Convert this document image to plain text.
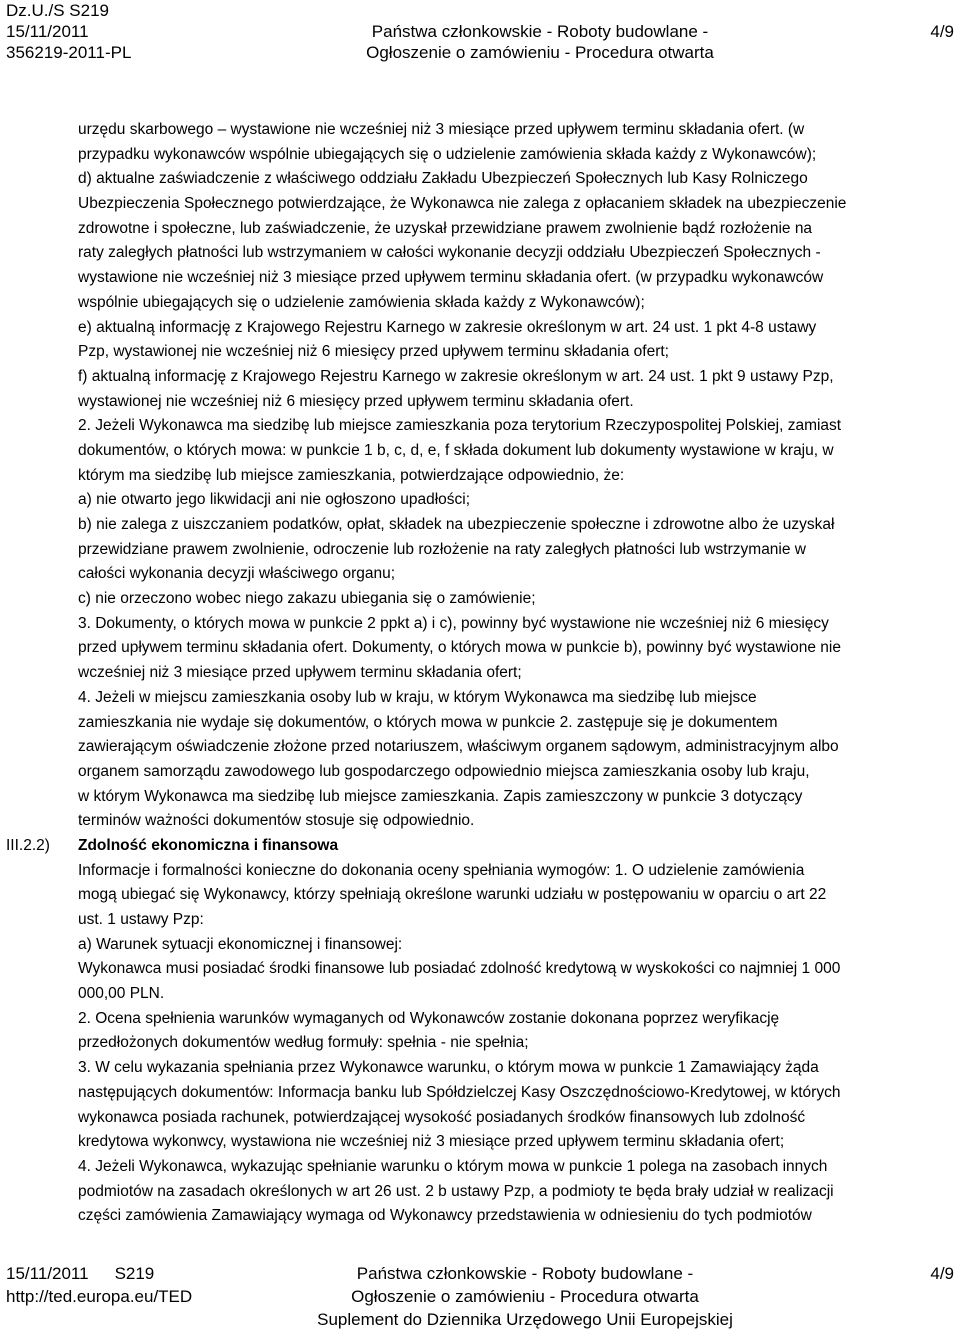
Dz.U./S S219
15/11/2011
356219-2011-PL
Państwa członkowskie - Roboty budowlane -
Ogłoszenie o zamówieniu - Procedura otwarta
4/9
urzędu skarbowego – wystawione nie wcześniej niż 3 miesiące przed upływem terminu składania ofert. (w
przypadku wykonawców wspólnie ubiegających się o udzielenie zamówienia składa każdy z Wykonawców);
d) aktualne zaświadczenie z właściwego oddziału Zakładu Ubezpieczeń Społecznych lub Kasy Rolniczego
Ubezpieczenia Społecznego potwierdzające, że Wykonawca nie zalega z opłacaniem składek na ubezpieczenie
zdrowotne i społeczne, lub zaświadczenie, że uzyskał przewidziane prawem zwolnienie bądź rozłożenie na
raty zaległych płatności lub wstrzymaniem w całości wykonanie decyzji oddziału Ubezpieczeń Społecznych -
wystawione nie wcześniej niż 3 miesiące przed upływem terminu składania ofert. (w przypadku wykonawców
wspólnie ubiegających się o udzielenie zamówienia składa każdy z Wykonawców);
e) aktualną informację z Krajowego Rejestru Karnego w zakresie określonym w art. 24 ust. 1 pkt 4-8 ustawy
Pzp, wystawionej nie wcześniej niż 6 miesięcy przed upływem terminu składania ofert;
f) aktualną informację z Krajowego Rejestru Karnego w zakresie określonym w art. 24 ust. 1 pkt 9 ustawy Pzp,
wystawionej nie wcześniej niż 6 miesięcy przed upływem terminu składania ofert.
2. Jeżeli Wykonawca ma siedzibę lub miejsce zamieszkania poza terytorium Rzeczypospolitej Polskiej, zamiast
dokumentów, o których mowa: w punkcie 1 b, c, d, e, f składa dokument lub dokumenty wystawione w kraju, w
którym ma siedzibę lub miejsce zamieszkania, potwierdzające odpowiednio, że:
a) nie otwarto jego likwidacji ani nie ogłoszono upadłości;
b) nie zalega z uiszczaniem podatków, opłat, składek na ubezpieczenie społeczne i zdrowotne albo że uzyskał
przewidziane prawem zwolnienie, odroczenie lub rozłożenie na raty zaległych płatności lub wstrzymanie w
całości wykonania decyzji właściwego organu;
c) nie orzeczono wobec niego zakazu ubiegania się o zamówienie;
3. Dokumenty, o których mowa w punkcie 2 ppkt a) i c), powinny być wystawione nie wcześniej niż 6 miesięcy
przed upływem terminu składania ofert. Dokumenty, o których mowa w punkcie b), powinny być wystawione nie
wcześniej niż 3 miesiące przed upływem terminu składania ofert;
4. Jeżeli w miejscu zamieszkania osoby lub w kraju, w którym Wykonawca ma siedzibę lub miejsce
zamieszkania nie wydaje się dokumentów, o których mowa w punkcie 2. zastępuje się je dokumentem
zawierającym oświadczenie złożone przed notariuszem, właściwym organem sądowym, administracyjnym albo
organem samorządu zawodowego lub gospodarczego odpowiednio miejsca zamieszkania osoby lub kraju,
w którym Wykonawca ma siedzibę lub miejsce zamieszkania. Zapis zamieszczony w punkcie 3 dotyczący
terminów ważności dokumentów stosuje się odpowiednio.
III.2.2) Zdolność ekonomiczna i finansowa
Informacje i formalności konieczne do dokonania oceny spełniania wymogów: 1. O udzielenie zamówienia
mogą ubiegać się Wykonawcy, którzy spełniają określone warunki udziału w postępowaniu w oparciu o art 22
ust. 1 ustawy Pzp:
a) Warunek sytuacji ekonomicznej i finansowej:
Wykonawca musi posiadać środki finansowe lub posiadać zdolność kredytową w wyskokości co najmniej 1 000
000,00 PLN.
2. Ocena spełnienia warunków wymaganych od Wykonawców zostanie dokonana poprzez weryfikację
przedłożonych dokumentów według formuły: spełnia - nie spełnia;
3. W celu wykazania spełniania przez Wykonawce warunku, o którym mowa w punkcie 1 Zamawiający żąda
następujących dokumentów: Informacja banku lub Spółdzielczej Kasy Oszczędnościowo-Kredytowej, w których
wykonawca posiada rachunek, potwierdzającej wysokość posiadanych środków finansowych lub zdolność
kredytowa wykonwcy, wystawiona nie wcześniej niż 3 miesiące przed upływem terminu składania ofert;
4. Jeżeli Wykonawca, wykazując spełnianie warunku o którym mowa w punkcie 1 polega na zasobach innych
podmiotów na zasadach określonych w art 26 ust. 2 b ustawy Pzp, a podmioty te będa brały udział w realizacji
części zamówienia Zamawiający wymaga od Wykonawcy przedstawienia w odniesieniu do tych podmiotów
15/11/2011 S219
http://ted.europa.eu/TED
Państwa członkowskie - Roboty budowlane -
Ogłoszenie o zamówieniu - Procedura otwarta
Suplement do Dziennika Urzędowego Unii Europejskiej
4/9
